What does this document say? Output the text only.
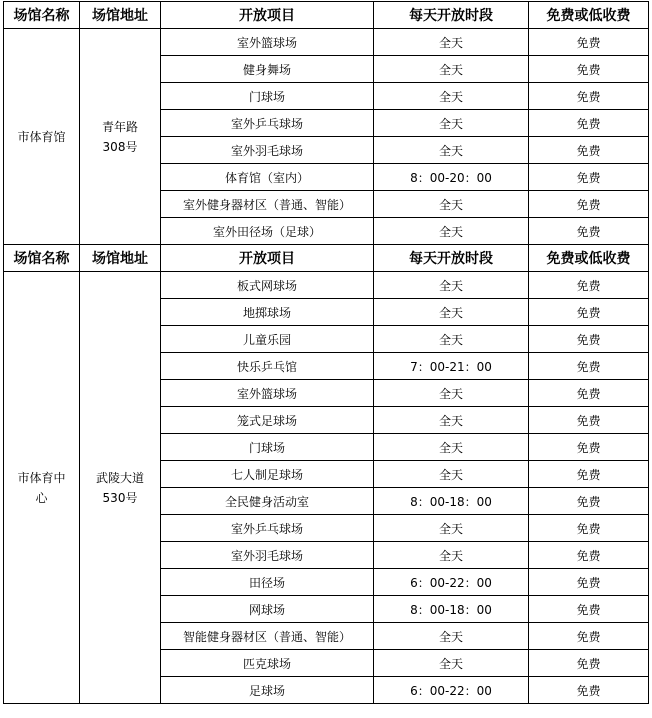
场馆名称	场馆地址	开放项目	每天开放时段	免费或低收费
市体育馆	青年路 308号	室外篮球场	全天	免费
		健身舞场	全天	免费
		门球场	全天	免费
		室外乒乓球场	全天	免费
		室外羽毛球场	全天	免费
		体育馆（室内）	8：00-20：00	免费
		室外健身器材区（普通、智能）	全天	免费
		室外田径场（足球）	全天	免费
场馆名称	场馆地址	开放项目	每天开放时段	免费或低收费
市体育中心	武陵大道 530号	板式网球场	全天	免费
		地掷球场	全天	免费
		儿童乐园	全天	免费
		快乐乒乓馆	7：00-21：00	免费
		室外篮球场	全天	免费
		笼式足球场	全天	免费
		门球场	全天	免费
		七人制足球场	全天	免费
		全民健身活动室	8：00-18：00	免费
		室外乒乓球场	全天	免费
		室外羽毛球场	全天	免费
		田径场	6：00-22：00	免费
		网球场	8：00-18：00	免费
		智能健身器材区（普通、智能）	全天	免费
		匹克球场	全天	免费
		足球场	6：00-22：00	免费
